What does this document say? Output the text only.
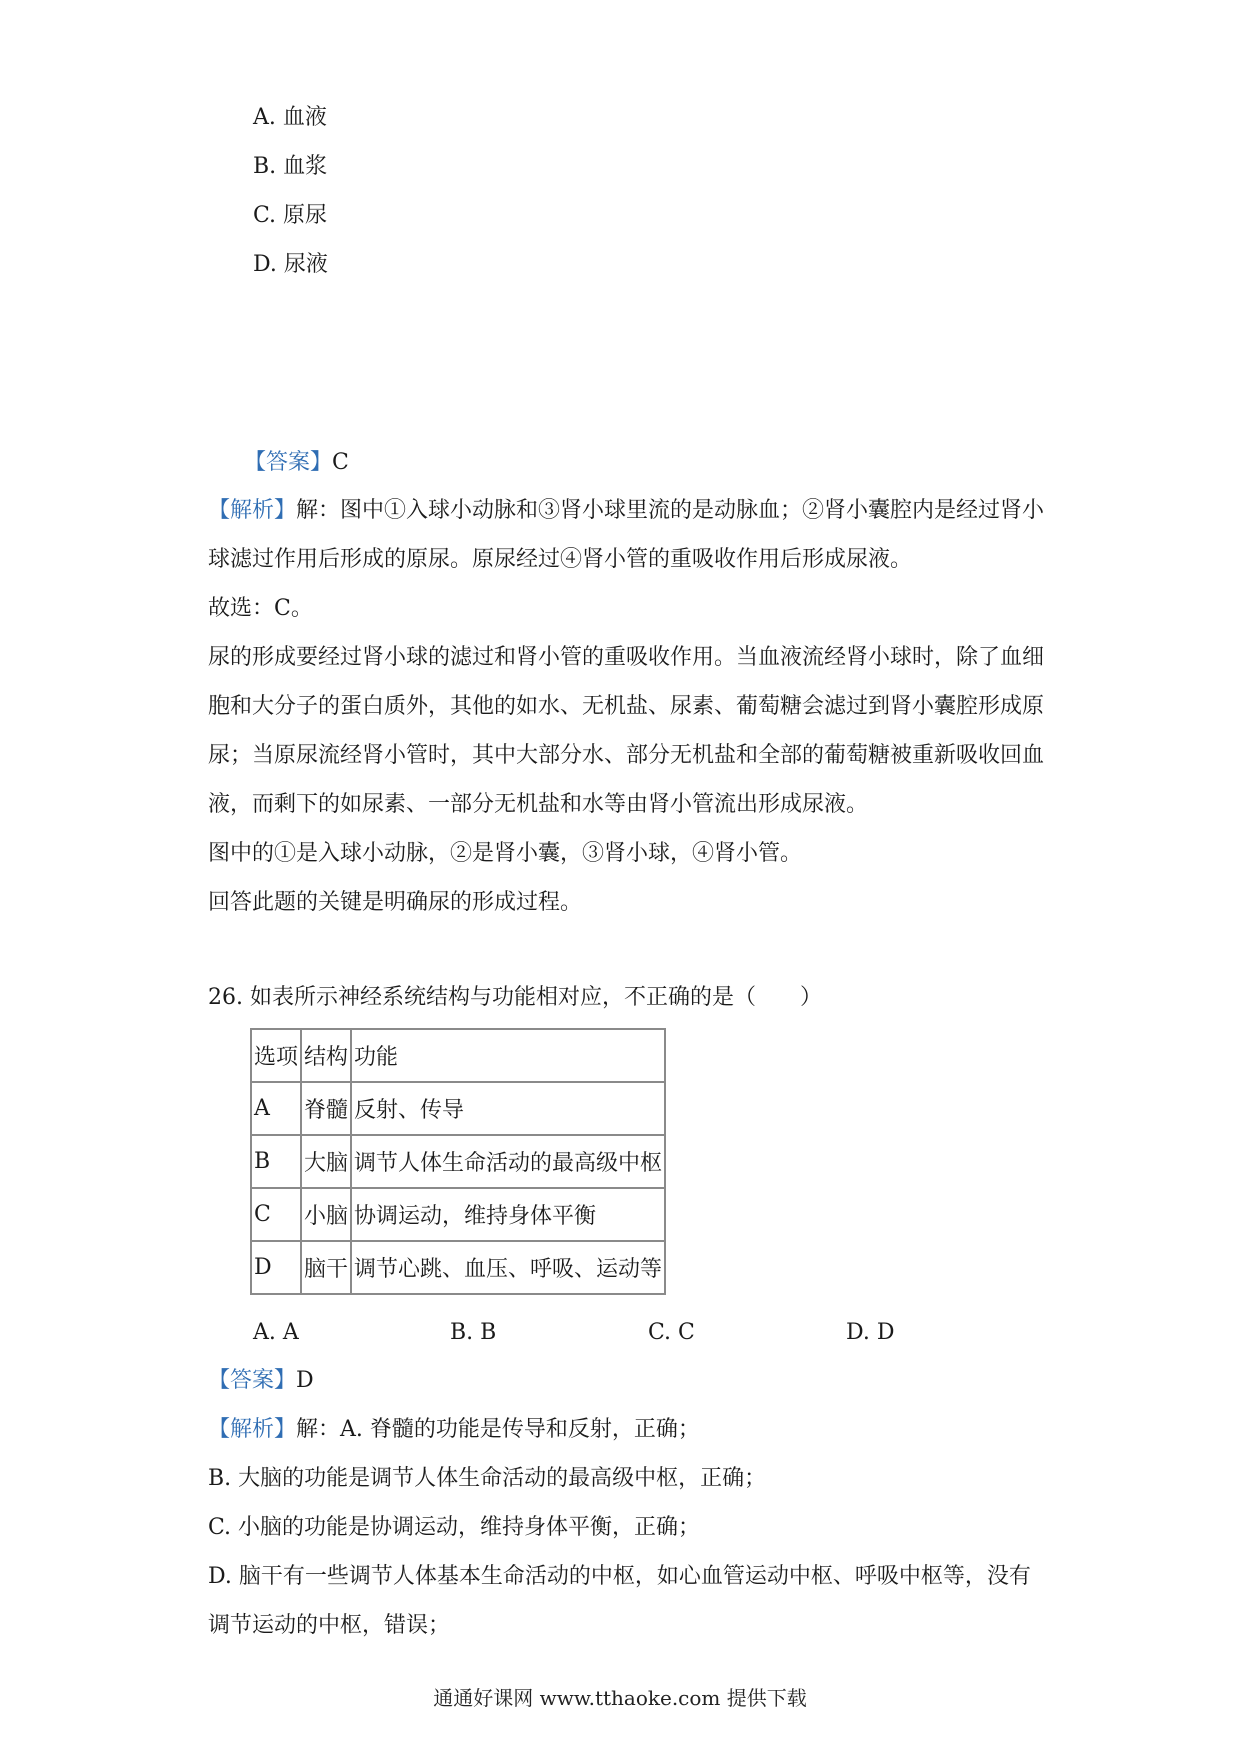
A. 血液
B. 血浆
C. 原尿
D. 尿液
【答案】C
【解析】解：图中①入球小动脉和③肾小球里流的是动脉血；②肾小囊腔内是经过肾小
球滤过作用后形成的原尿。原尿经过④肾小管的重吸收作用后形成尿液。
故选：C。
尿的形成要经过肾小球的滤过和肾小管的重吸收作用。当血液流经肾小球时，除了血细
胞和大分子的蛋白质外，其他的如水、无机盐、尿素、葡萄糖会滤过到肾小囊腔形成原
尿；当原尿流经肾小管时，其中大部分水、部分无机盐和全部的葡萄糖被重新吸收回血
液，而剩下的如尿素、一部分无机盐和水等由肾小管流出形成尿液。
图中的①是入球小动脉，②是肾小囊，③肾小球，④肾小管。
回答此题的关键是明确尿的形成过程。
26. 如表所示神经系统结构与功能相对应，不正确的是（　　）
选项	结构	功能
A	脊髓	反射、传导
B	大脑	调节人体生命活动的最高级中枢
C	小脑	协调运动，维持身体平衡
D	脑干	调节心跳、血压、呼吸、运动等
A. A	B. B	C. C	D. D
【答案】D
【解析】解：A. 脊髓的功能是传导和反射，正确；
B. 大脑的功能是调节人体生命活动的最高级中枢，正确；
C. 小脑的功能是协调运动，维持身体平衡，正确；
D. 脑干有一些调节人体基本生命活动的中枢，如心血管运动中枢、呼吸中枢等，没有
调节运动的中枢，错误；
通通好课网 www.tthaoke.com 提供下载
